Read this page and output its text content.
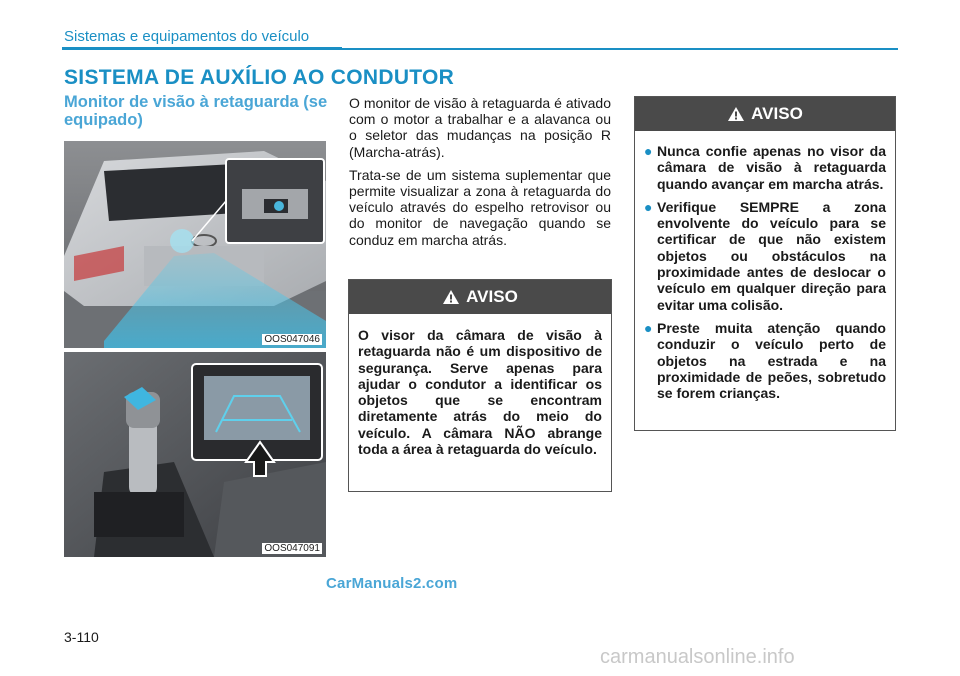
Sistemas e equipamentos do veículo
SISTEMA DE AUXÍLIO AO CONDUTOR
Monitor de visão à retaguarda (se equipado)
OOS047046
OOS047091

O monitor de visão à retaguarda é ativado com o motor a trabalhar e a alavanca ou o seletor das mudanças na posição R (Marcha-atrás).

Trata-se de um sistema suplementar que permite visualizar a zona à retaguarda do veículo através do espelho retrovisor ou do monitor de navegação quando se conduz em marcha atrás.

AVISO
O visor da câmara de visão à retaguarda não é um dispositivo de segurança. Serve apenas para ajudar o condutor a identificar os objetos que se encontram diretamente atrás do meio do veículo. A câmara NÃO abrange toda a área à retaguarda do veículo.
AVISO
● Nunca confie apenas no visor da câmara de visão à retaguarda quando avançar em marcha atrás.
● Verifique SEMPRE a zona envolvente do veículo para se certificar de que não existem objetos ou obstáculos na proximidade antes de deslocar o veículo em qualquer direção para evitar uma colisão.
● Preste muita atenção quando conduzir o veículo perto de objetos na estrada e na proximidade de peões, sobretudo se forem crianças.
CarManuals2.com
3-110
carmanualsonline.info
